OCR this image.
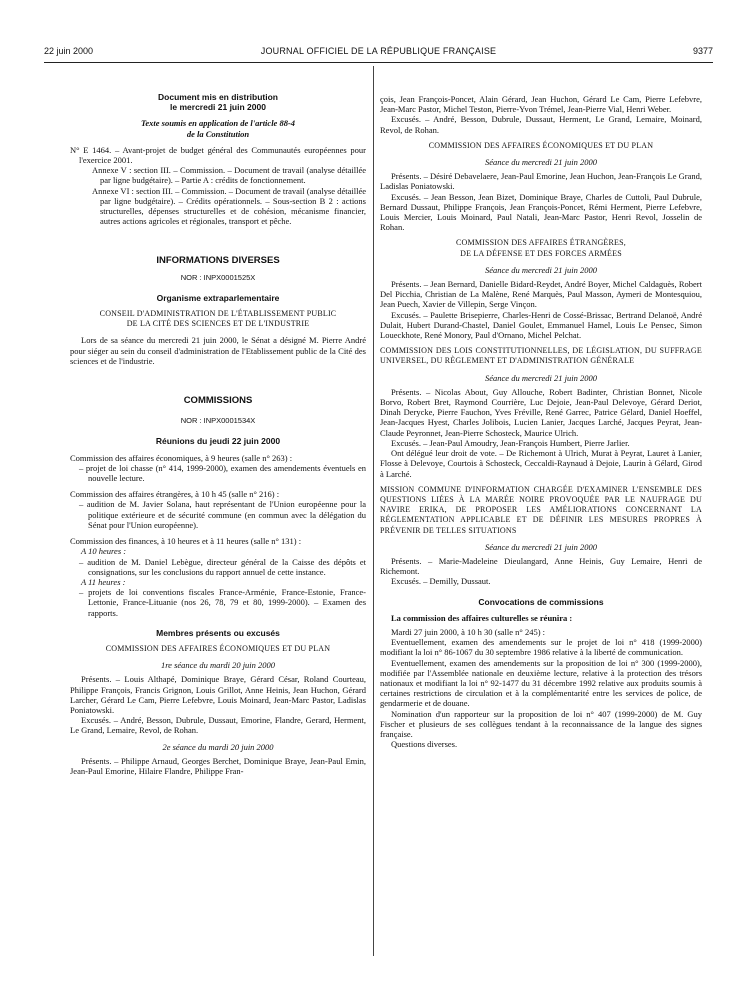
22 juin 2000	JOURNAL OFFICIEL DE LA RÉPUBLIQUE FRANÇAISE	9377

Document mis en distribution

le mercredi 21 juin 2000

Texte soumis en application de l'article 88-4

de la Constitution

N° E 1464. – Avant-projet de budget général des Communautés européennes pour l'exercice 2001.

Annexe V : section III. – Commission. – Document de travail (analyse détaillée par ligne budgétaire). – Partie A : crédits de fonctionnement.

Annexe VI : section III. – Commission. – Document de travail (analyse détaillée par ligne budgétaire). – Crédits opérationnels. – Sous-section B 2 : actions structurelles, dépenses structurelles et de cohésion, mécanisme financier, autres actions agricoles et régionales, transport et pêche.

INFORMATIONS DIVERSES

NOR : INPX0001525X

Organisme extraparlementaire

CONSEIL D'ADMINISTRATION DE L'ÉTABLISSEMENT PUBLIC

DE LA CITÉ DES SCIENCES ET DE L'INDUSTRIE

Lors de sa séance du mercredi 21 juin 2000, le Sénat a désigné M. Pierre André pour siéger au sein du conseil d'administration de l'Etablissement public de la Cité des sciences et de l'industrie.

COMMISSIONS

NOR : INPX0001534X

Réunions du jeudi 22 juin 2000

Commission des affaires économiques, à 9 heures (salle n° 263) :

– projet de loi chasse (n° 414, 1999-2000), examen des amendements éventuels en nouvelle lecture.

Commission des affaires étrangères, à 10 h 45 (salle n° 216) :

– audition de M. Javier Solana, haut représentant de l'Union européenne pour la politique extérieure et de sécurité commune (en commun avec la délégation du Sénat pour l'Union européenne).

Commission des finances, à 10 heures et à 11 heures (salle n° 131) :

A 10 heures :

– audition de M. Daniel Lebègue, directeur général de la Caisse des dépôts et consignations, sur les conclusions du rapport annuel de cette instance.

A 11 heures :

– projets de loi conventions fiscales France-Arménie, France-Estonie, France-Lettonie, France-Lituanie (nos 26, 78, 79 et 80, 1999-2000). – Examen des rapports.

Membres présents ou excusés

COMMISSION DES AFFAIRES ÉCONOMIQUES ET DU PLAN

1re séance du mardi 20 juin 2000

Présents. – Louis Althapé, Dominique Braye, Gérard César, Roland Courteau, Philippe François, Francis Grignon, Louis Grillot, Anne Heinis, Jean Huchon, Gérard Larcher, Gérard Le Cam, Pierre Lefebvre, Louis Moinard, Jean-Marc Pastor, Ladislas Poniatowski.

Excusés. – André, Besson, Dubrule, Dussaut, Emorine, Flandre, Gerard, Herment, Le Grand, Lemaire, Revol, de Rohan.

2e séance du mardi 20 juin 2000

Présents. – Philippe Arnaud, Georges Berchet, Dominique Braye, Jean-Paul Emin, Jean-Paul Emorine, Hilaire Flandre, Philippe Fran-

çois, Jean François-Poncet, Alain Gérard, Jean Huchon, Gérard Le Cam, Pierre Lefebvre, Jean-Marc Pastor, Michel Teston, Pierre-Yvon Trémel, Jean-Pierre Vial, Henri Weber.

Excusés. – André, Besson, Dubrule, Dussaut, Herment, Le Grand, Lemaire, Moinard, Revol, de Rohan.

COMMISSION DES AFFAIRES ÉCONOMIQUES ET DU PLAN

Séance du mercredi 21 juin 2000

Présents. – Désiré Debavelaere, Jean-Paul Emorine, Jean Huchon, Jean-François Le Grand, Ladislas Poniatowski.

Excusés. – Jean Besson, Jean Bizet, Dominique Braye, Charles de Cuttoli, Paul Dubrule, Bernard Dussaut, Philippe François, Jean François-Poncet, Rémi Herment, Pierre Lefebvre, Louis Mercier, Louis Moinard, Paul Natali, Jean-Marc Pastor, Henri Revol, Josselin de Rohan.

COMMISSION DES AFFAIRES ÉTRANGÈRES,

DE LA DÉFENSE ET DES FORCES ARMÉES

Séance du mercredi 21 juin 2000

Présents. – Jean Bernard, Danielle Bidard-Reydet, André Boyer, Michel Caldaguès, Robert Del Picchia, Christian de La Malène, René Marquès, Paul Masson, Aymeri de Montesquiou, Jean Puech, Xavier de Villepin, Serge Vinçon.

Excusés. – Paulette Brisepierre, Charles-Henri de Cossé-Brissac, Bertrand Delanoë, André Dulait, Hubert Durand-Chastel, Daniel Goulet, Emmanuel Hamel, Louis Le Pensec, Simon Loueckhote, René Monory, Paul d'Ornano, Michel Pelchat.

COMMISSION DES LOIS CONSTITUTIONNELLES, DE LÉGISLATION, DU SUFFRAGE UNIVERSEL, DU RÈGLEMENT ET D'ADMINISTRATION GÉNÉRALE

Séance du mercredi 21 juin 2000

Présents. – Nicolas About, Guy Allouche, Robert Badinter, Christian Bonnet, Nicole Borvo, Robert Bret, Raymond Courrière, Luc Dejoie, Jean-Paul Delevoye, Gérard Deriot, Dinah Derycke, Pierre Fauchon, Yves Fréville, René Garrec, Patrice Gélard, Daniel Hoeffel, Jean-Jacques Hyest, Charles Jolibois, Lucien Lanier, Jacques Larché, Jacques Peyrat, Jean-Claude Peyronnet, Jean-Pierre Schosteck, Maurice Ulrich.

Excusés. – Jean-Paul Amoudry, Jean-François Humbert, Pierre Jarlier.

Ont délégué leur droit de vote. – De Richemont à Ulrich, Murat à Peyrat, Lauret à Lanier, Flosse à Delevoye, Courtois à Schosteck, Ceccaldi-Raynaud à Dejoie, Laurin à Gélard, Girod à Larché.

MISSION COMMUNE D'INFORMATION CHARGÉE D'EXAMINER L'ENSEMBLE DES QUESTIONS LIÉES À LA MARÉE NOIRE PROVOQUÉE PAR LE NAUFRAGE DU NAVIRE ERIKA, DE PROPOSER LES AMÉLIORATIONS CONCERNANT LA RÉGLEMENTATION APPLICABLE ET DE DÉFINIR LES MESURES PROPRES À PRÉVENIR DE TELLES SITUATIONS

Séance du mercredi 21 juin 2000

Présents. – Marie-Madeleine Dieulangard, Anne Heinis, Guy Lemaire, Henri de Richemont.

Excusés. – Demilly, Dussaut.

Convocations de commissions

La commission des affaires culturelles se réunira :

Mardi 27 juin 2000, à 10 h 30 (salle n° 245) :

Eventuellement, examen des amendements sur le projet de loi n° 418 (1999-2000) modifiant la loi n° 86-1067 du 30 septembre 1986 relative à la liberté de communication.

Eventuellement, examen des amendements sur la proposition de loi n° 300 (1999-2000), modifiée par l'Assemblée nationale en deuxième lecture, relative à la protection des trésors nationaux et modifiant la loi n° 92-1477 du 31 décembre 1992 relative aux produits soumis à certaines restrictions de circulation et à la complémentarité entre les services de police, de gendarmerie et de douane.

Nomination d'un rapporteur sur la proposition de loi n° 407 (1999-2000) de M. Guy Fischer et plusieurs de ses collègues tendant à la reconnaissance de la langue des signes française.

Questions diverses.
